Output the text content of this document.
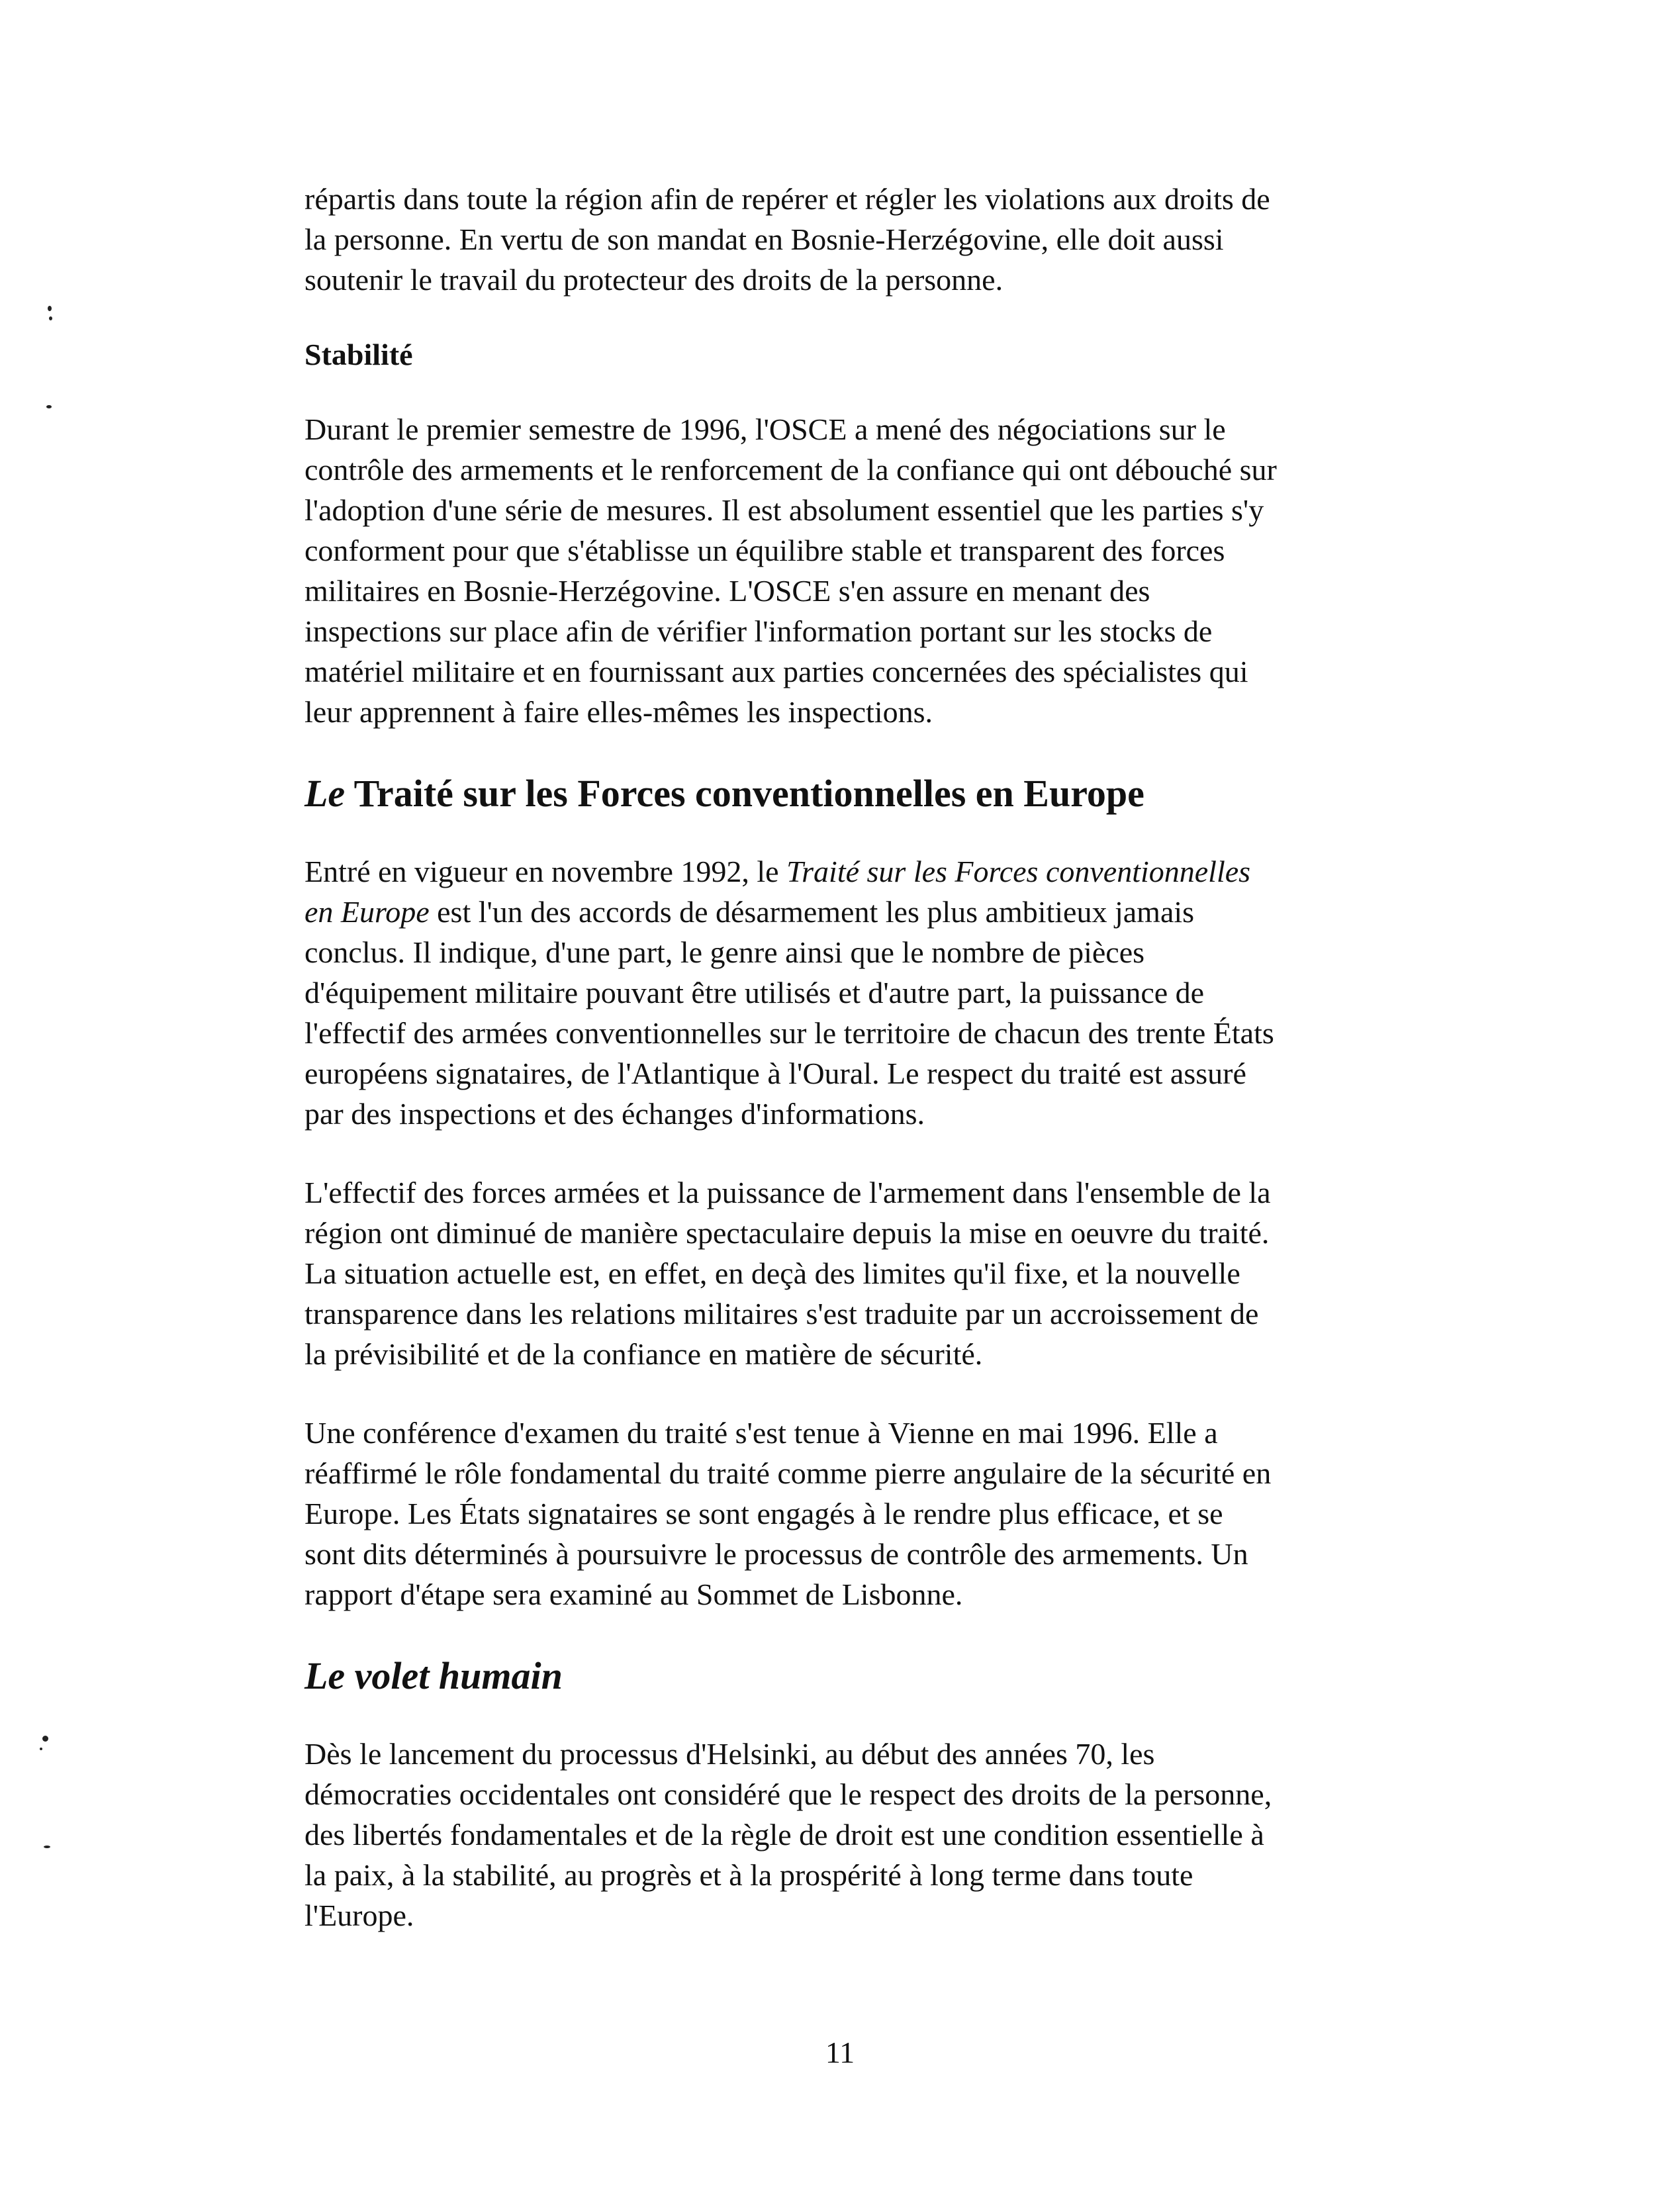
répartis dans toute la région afin de repérer et régler les violations aux droits de
la personne. En vertu de son mandat en Bosnie-Herzégovine, elle doit aussi
soutenir le travail du protecteur des droits de la personne.

Stabilité

Durant le premier semestre de 1996, l'OSCE a mené des négociations sur le
contrôle des armements et le renforcement de la confiance qui ont débouché sur
l'adoption d'une série de mesures. Il est absolument essentiel que les parties s'y
conforment pour que s'établisse un équilibre stable et transparent des forces
militaires en Bosnie-Herzégovine. L'OSCE s'en assure en menant des
inspections sur place afin de vérifier l'information portant sur les stocks de
matériel militaire et en fournissant aux parties concernées des spécialistes qui
leur apprennent à faire elles-mêmes les inspections.

Le Traité sur les Forces conventionnelles en Europe

Entré en vigueur en novembre 1992, le Traité sur les Forces conventionnelles
en Europe est l'un des accords de désarmement les plus ambitieux jamais
conclus. Il indique, d'une part, le genre ainsi que le nombre de pièces
d'équipement militaire pouvant être utilisés et d'autre part, la puissance de
l'effectif des armées conventionnelles sur le territoire de chacun des trente États
européens signataires, de l'Atlantique à l'Oural. Le respect du traité est assuré
par des inspections et des échanges d'informations.

L'effectif des forces armées et la puissance de l'armement dans l'ensemble de la
région ont diminué de manière spectaculaire depuis la mise en oeuvre du traité.
La situation actuelle est, en effet, en deçà des limites qu'il fixe, et la nouvelle
transparence dans les relations militaires s'est traduite par un accroissement de
la prévisibilité et de la confiance en matière de sécurité.

Une conférence d'examen du traité s'est tenue à Vienne en mai 1996. Elle a
réaffirmé le rôle fondamental du traité comme pierre angulaire de la sécurité en
Europe. Les États signataires se sont engagés à le rendre plus efficace, et se
sont dits déterminés à poursuivre le processus de contrôle des armements. Un
rapport d'étape sera examiné au Sommet de Lisbonne.

Le volet humain

Dès le lancement du processus d'Helsinki, au début des années 70, les
démocraties occidentales ont considéré que le respect des droits de la personne,
des libertés fondamentales et de la règle de droit est une condition essentielle à
la paix, à la stabilité, au progrès et à la prospérité à long terme dans toute
l'Europe.

11
